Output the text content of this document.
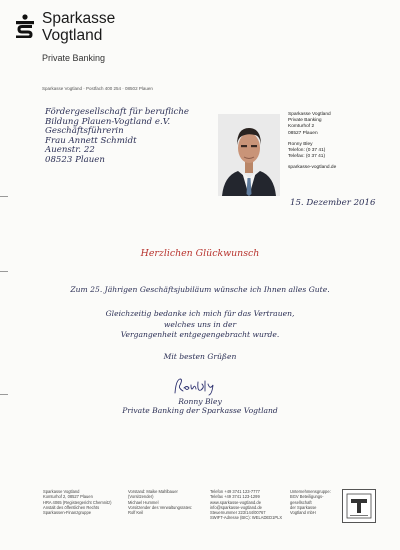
Sparkasse
Vogtland
Private Banking
Sparkasse Vogtland · Postfach 400 254 · 08502 Plauen
Fördergesellschaft für berufliche
Bildung Plauen-Vogtland e.V.
Geschäftsführerin
Frau Annett Schmidt
Auenstr. 22
08523 Plauen
Sparkasse Vogtland
Private Banking
Komturhof 2
08527 Plauen
Ronny Bley
Telefon: (0 37 41)
Telefax: (0 37 41)
sparkasse-vogtland.de
15. Dezember 2016
Herzlichen Glückwunsch
Zum 25. Jährigen Geschäftsjubiläum wünsche ich Ihnen alles Gute.
Gleichzeitig bedanke ich mich für das Vertrauen,
welches uns in der
Vergangenheit entgegengebracht wurde.
Mit besten Grüßen
Ronny Bley
Private Banking der Sparkasse Vogtland
Sparkasse Vogtland
Komturhof 2, 08527 Plauen
HRA 4065 (Registergericht Chemnitz)
Anstalt des öffentlichen Rechts
Sparkassen-Finanzgruppe
Vorstand: Maike Mahlbauer
(Vorsitzender)
Michael Hummel
Vorsitzender des Verwaltungsrates:
Rolf Keil
Telefon +49 3741 123-7777
Telefax +49 3741 123-1299
www.sparkasse-vogtland.de
info@sparkasse-vogtland.de
Steuernummer 223/144/00767
SWIFT-Adresse (BIC): WELADED1PLX
Unternehmensgruppe:
BGV Beteiligungs-
gesellschaft
der Sparkasse
Vogtland mbH
